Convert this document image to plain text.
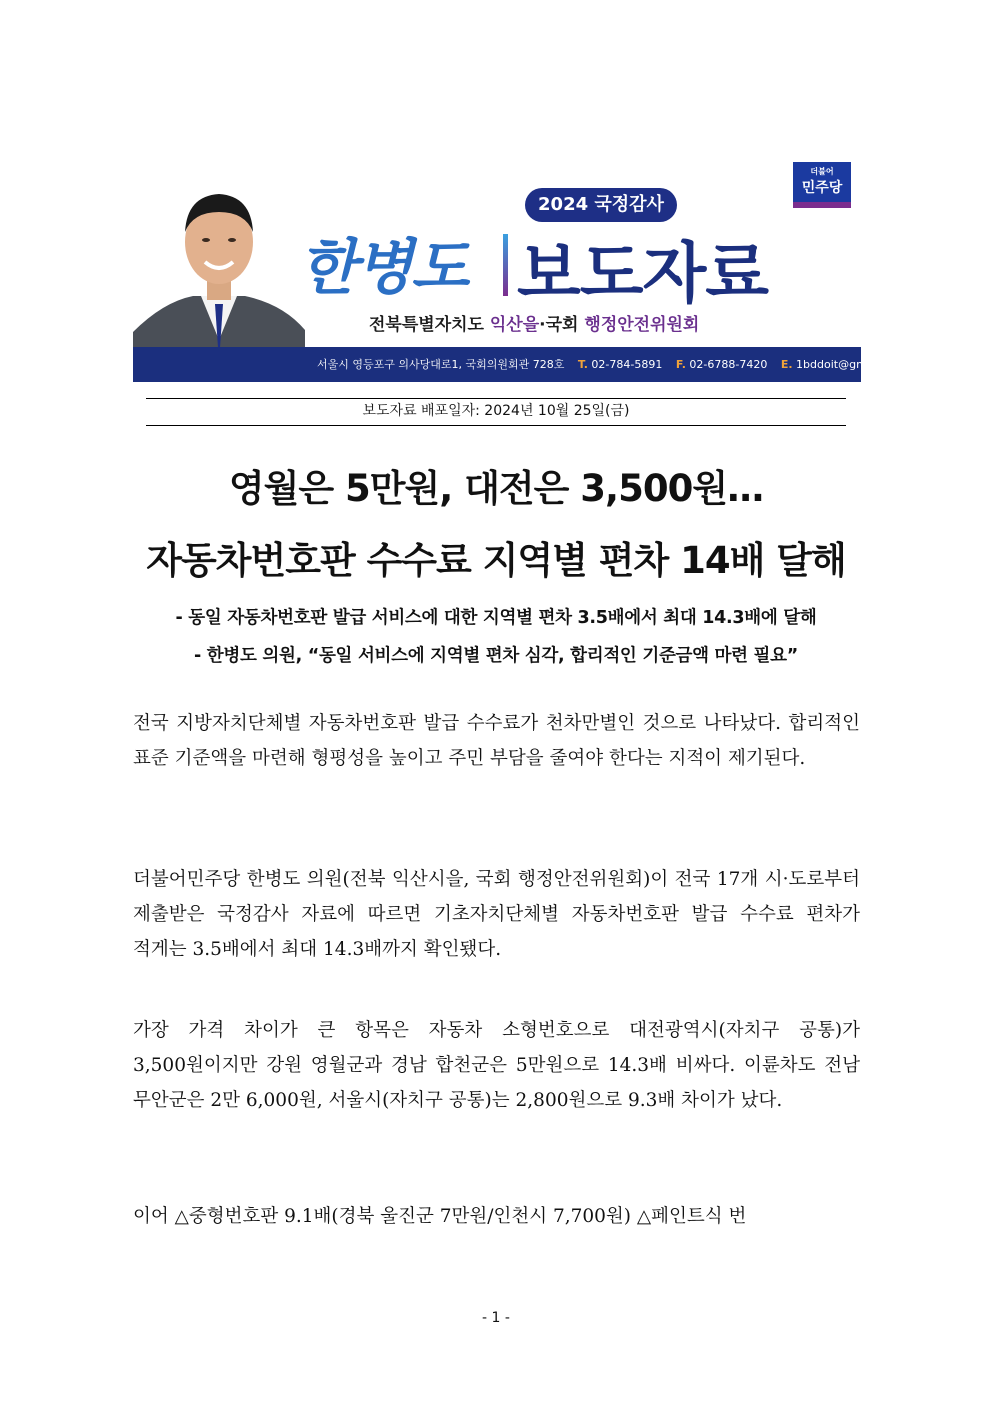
2024 국정감사
더불어
민주당
한병도 보도자료
전북특별자치도 익산을·국회 행정안전위원회
서울시 영등포구 의사당대로1, 국회의원회관 728호 T. 02-784-5891 F. 02-6788-7420 E. 1bddoit@gmail.com
보도자료 배포일자: 2024년 10월 25일(금)
영월은 5만원, 대전은 3,500원…
자동차번호판 수수료 지역별 편차 14배 달해
- 동일 자동차번호판 발급 서비스에 대한 지역별 편차 3.5배에서 최대 14.3배에 달해
- 한병도 의원, “동일 서비스에 지역별 편차 심각, 합리적인 기준금액 마련 필요”
전국 지방자치단체별 자동차번호판 발급 수수료가 천차만별인 것으로 나타났다. 합리적인 표준 기준액을 마련해 형평성을 높이고 주민 부담을 줄여야 한다는 지적이 제기된다.
더불어민주당 한병도 의원(전북 익산시을, 국회 행정안전위원회)이 전국 17개 시·도로부터 제출받은 국정감사 자료에 따르면 기초자치단체별 자동차번호판 발급 수수료 편차가 적게는 3.5배에서 최대 14.3배까지 확인됐다.
가장 가격 차이가 큰 항목은 자동차 소형번호으로 대전광역시(자치구 공통)가 3,500원이지만 강원 영월군과 경남 합천군은 5만원으로 14.3배 비싸다. 이륜차도 전남 무안군은 2만 6,000원, 서울시(자치구 공통)는 2,800원으로 9.3배 차이가 났다.
이어 △중형번호판 9.1배(경북 울진군 7만원/인천시 7,700원) △페인트식 번
- 1 -
